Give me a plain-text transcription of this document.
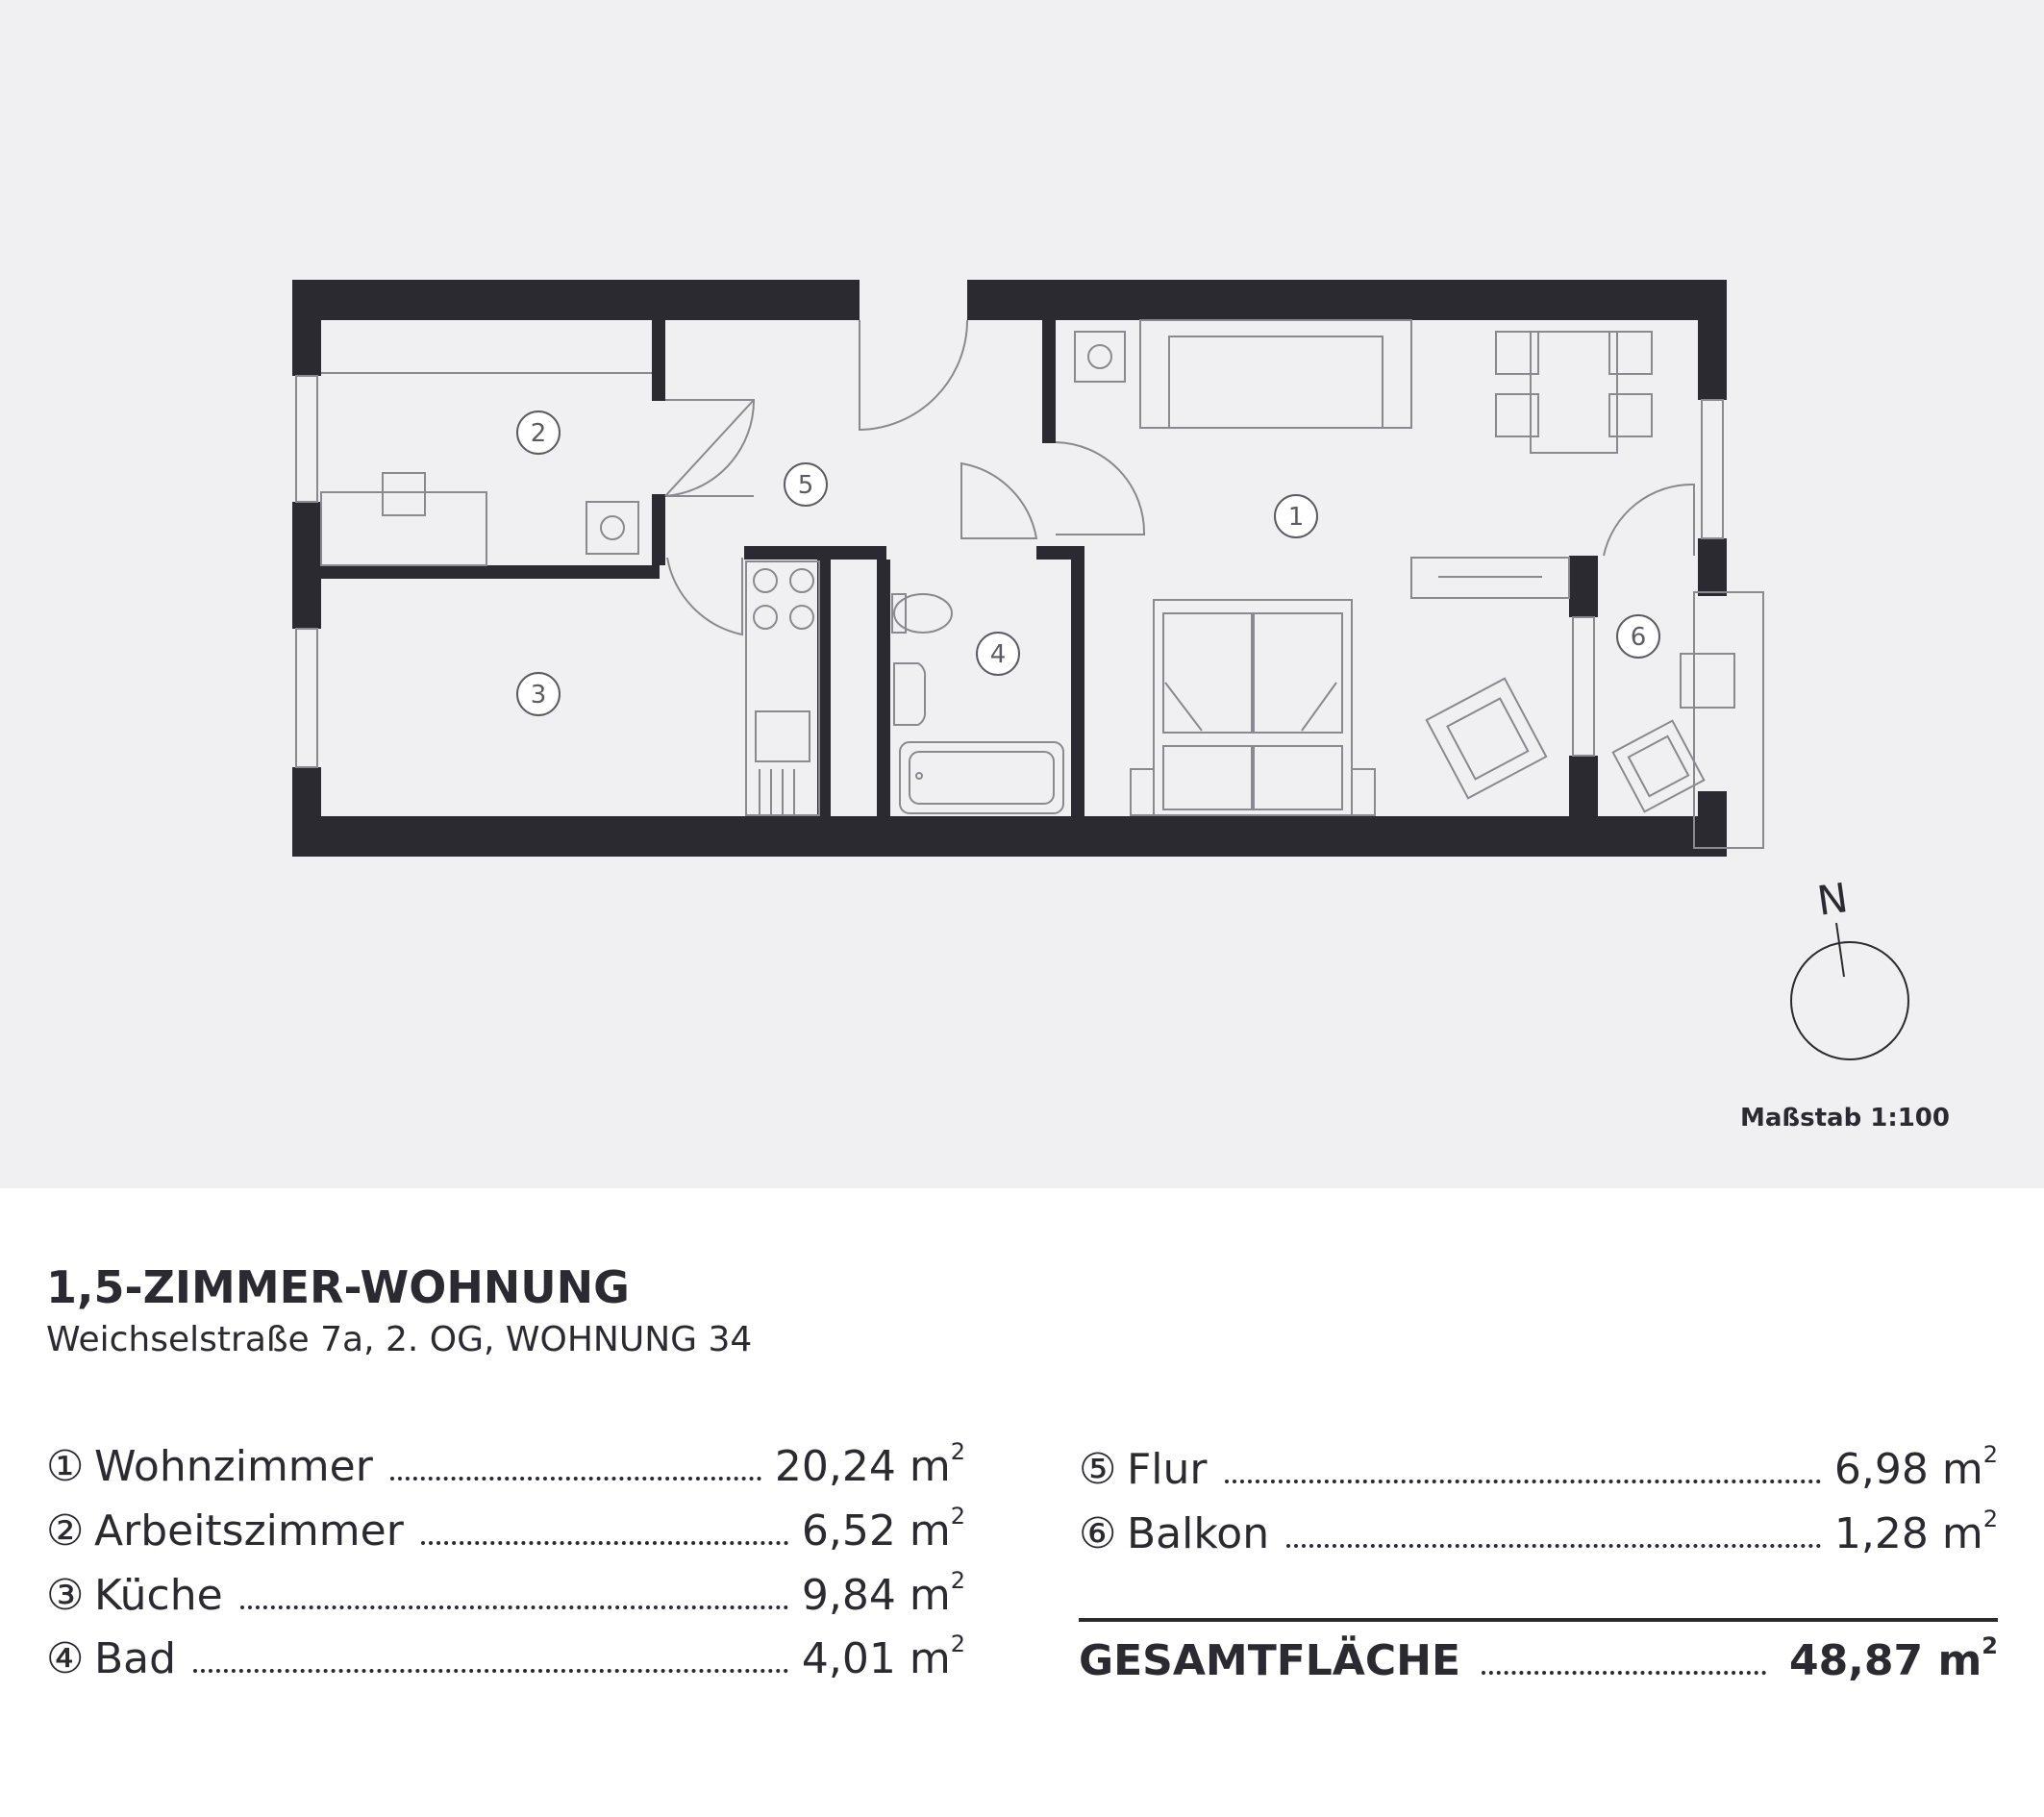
1
2
3
4
5
6
N
Maßstab 1:100
1,5-ZIMMER-WOHNUNG
Weichselstraße 7a, 2. OG, WOHNUNG 34
① Wohnzimmer	20,24 $m^2$
② Arbeitszimmer	6,52 $m^2$
③ Küche	9,84 $m^2$
④ Bad	4,01 $m^2$
⑤ Flur	6,98 $m^2$
⑥ Balkon	1,28 $m^2$
GESAMTFLÄCHE	48,87 $m^2$
